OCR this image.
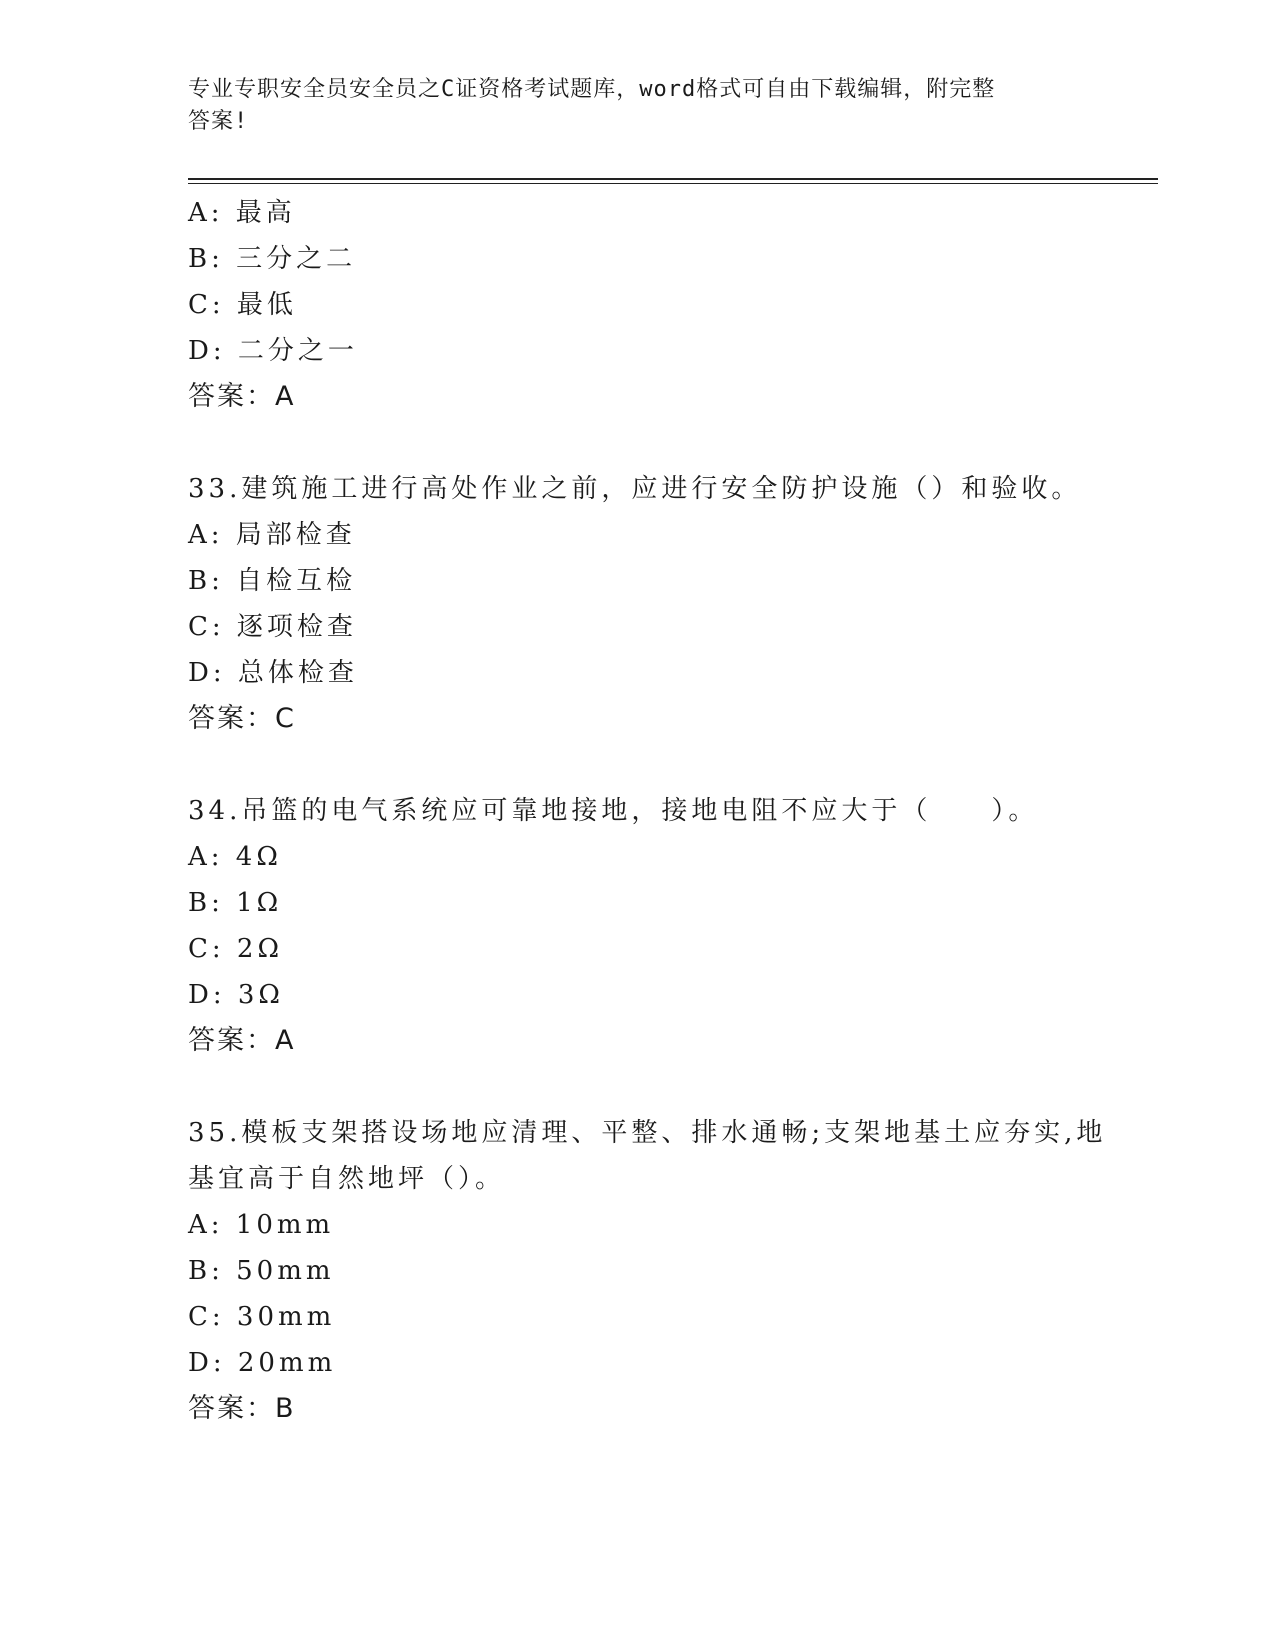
专业专职安全员安全员之C证资格考试题库，word格式可自由下载编辑，附完整
答案!
A: 最高
B: 三分之二
C: 最低
D: 二分之一
答案：A
33.建筑施工进行高处作业之前，应进行安全防护设施（）和验收。
A: 局部检查
B: 自检互检
C: 逐项检查
D: 总体检查
答案：C
34.吊篮的电气系统应可靠地接地，接地电阻不应大于（　　）。
A: 4Ω
B: 1Ω
C: 2Ω
D: 3Ω
答案：A
35.模板支架搭设场地应清理、平整、排水通畅;支架地基土应夯实,地
基宜高于自然地坪（）。
A: 10mm
B: 50mm
C: 30mm
D: 20mm
答案：B
